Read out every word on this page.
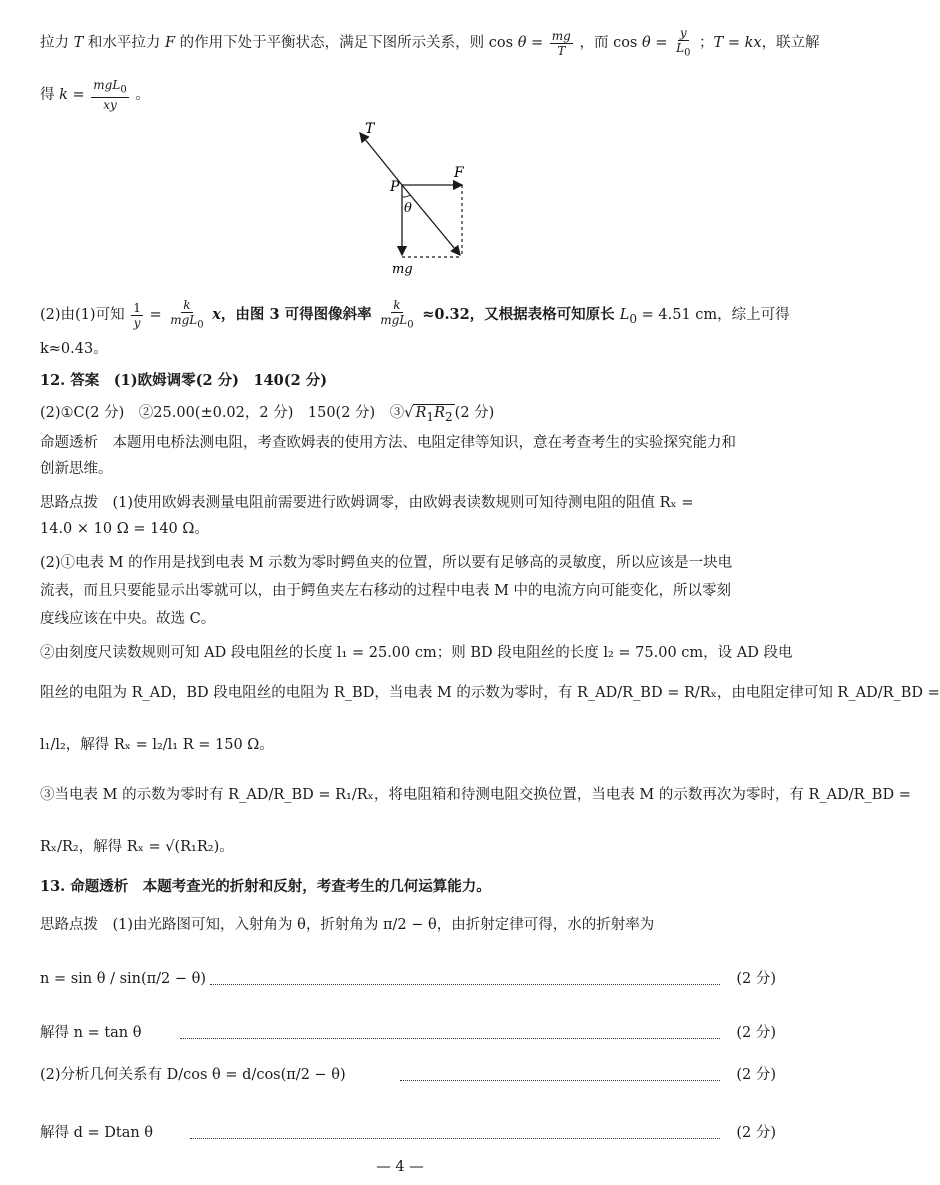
拉力 T 和水平拉力 F 的作用下处于平衡状态，满足下图所示关系，则 $\cos \theta = \frac{mg}{T}$ ，而 $\cos \theta = \frac{y}{L_0}$ ；T = kx，联立解
得 $k = \frac{mgL_0}{xy}$ 。
T
P
F
θ
mg
(2)由(1)可知 $\frac{1}{y} = \frac{k}{mgL_0}$ x，由图 3 可得图像斜率 $\frac{k}{mgL_0} \approx 0.32$，又根据表格可知原长 $L_0 = 4.51$ cm，综上可得
k≈0.43。
12. 答案　(1)欧姆调零(2 分)　140(2 分)
(2)①C(2 分)　②25.00(±0.02，2 分)　150(2 分)　③√ $R_1R_2$ (2 分)
命题透析　本题用电桥法测电阻，考查欧姆表的使用方法、电阻定律等知识，意在考查考生的实验探究能力和
创新思维。
思路点拨　(1)使用欧姆表测量电阻前需要进行欧姆调零，由欧姆表读数规则可知待测电阻的阻值 Rₓ =
14.0 × 10 Ω = 140 Ω。
(2)①电表 M 的作用是找到电表 M 示数为零时鳄鱼夹的位置，所以要有足够高的灵敏度，所以应该是一块电
流表，而且只要能显示出零就可以，由于鳄鱼夹左右移动的过程中电表 M 中的电流方向可能变化，所以零刻
度线应该在中央。故选 C。
②由刻度尺读数规则可知 AD 段电阻丝的长度 l₁ = 25.00 cm；则 BD 段电阻丝的长度 l₂ = 75.00 cm，设 AD 段电
阻丝的电阻为 R_AD，BD 段电阻丝的电阻为 R_BD，当电表 M 的示数为零时，有 R_AD/R_BD = R/Rₓ，由电阻定律可知 R_AD/R_BD =
l₁/l₂，解得 Rₓ = l₂/l₁ R = 150 Ω。
③当电表 M 的示数为零时有 R_AD/R_BD = R₁/Rₓ，将电阻箱和待测电阻交换位置，当电表 M 的示数再次为零时，有 R_AD/R_BD =
Rₓ/R₂，解得 Rₓ = √(R₁R₂)。
13. 命题透析　本题考查光的折射和反射，考查考生的几何运算能力。
思路点拨　(1)由光路图可知，入射角为 θ，折射角为 π/2 − θ，由折射定律可得，水的折射率为
n = sin θ / sin(π/2 − θ)	(2 分)
解得 n = tan θ	(2 分)
(2)分析几何关系有 D/cos θ = d/cos(π/2 − θ)	(2 分)
解得 d = Dtan θ	(2 分)
— 4 —
